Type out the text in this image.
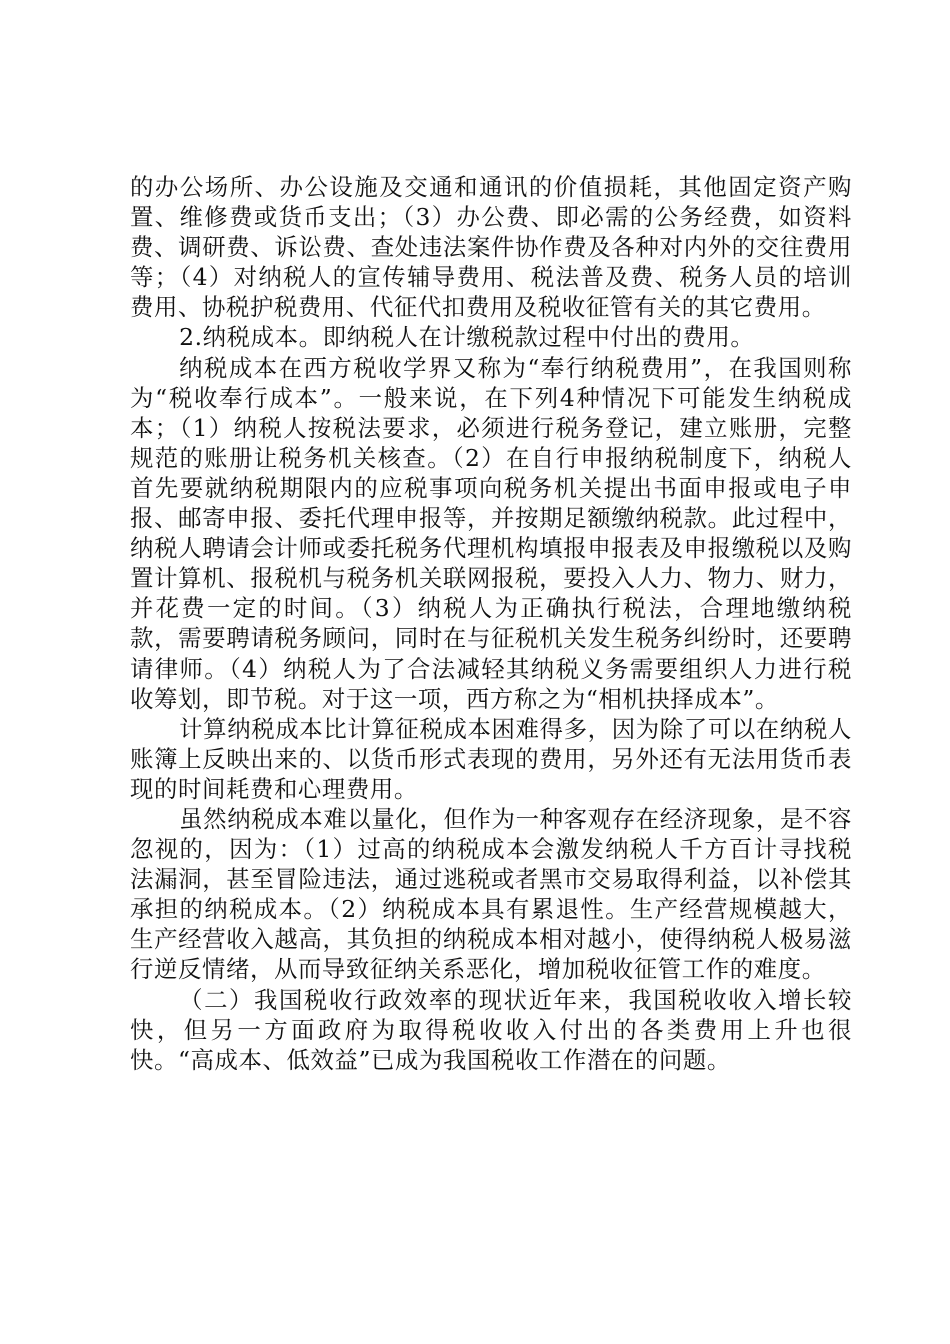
的办公场所、办公设施及交通和通讯的价值损耗，其他固定资产购置、维修费或货币支出；（3）办公费、即必需的公务经费，如资料费、调研费、诉讼费、查处违法案件协作费及各种对内外的交往费用等；（4）对纳税人的宣传辅导费用、税法普及费、税务人员的培训费用、协税护税费用、代征代扣费用及税收征管有关的其它费用。

2.纳税成本。即纳税人在计缴税款过程中付出的费用。

纳税成本在西方税收学界又称为“奉行纳税费用”，在我国则称为“税收奉行成本”。一般来说，在下列4种情况下可能发生纳税成本；（1）纳税人按税法要求，必须进行税务登记，建立账册，完整规范的账册让税务机关核查。（2）在自行申报纳税制度下，纳税人首先要就纳税期限内的应税事项向税务机关提出书面申报或电子申报、邮寄申报、委托代理申报等，并按期足额缴纳税款。此过程中，纳税人聘请会计师或委托税务代理机构填报申报表及申报缴税以及购置计算机、报税机与税务机关联网报税，要投入人力、物力、财力，并花费一定的时间。（3）纳税人为正确执行税法，合理地缴纳税款，需要聘请税务顾问，同时在与征税机关发生税务纠纷时，还要聘请律师。（4）纳税人为了合法减轻其纳税义务需要组织人力进行税收筹划，即节税。对于这一项，西方称之为“相机抉择成本”。

计算纳税成本比计算征税成本困难得多，因为除了可以在纳税人账簿上反映出来的、以货币形式表现的费用，另外还有无法用货币表现的时间耗费和心理费用。

虽然纳税成本难以量化，但作为一种客观存在经济现象，是不容忽视的，因为：（1）过高的纳税成本会激发纳税人千方百计寻找税法漏洞，甚至冒险违法，通过逃税或者黑市交易取得利益，以补偿其承担的纳税成本。（2）纳税成本具有累退性。生产经营规模越大，生产经营收入越高，其负担的纳税成本相对越小，使得纳税人极易滋行逆反情绪，从而导致征纳关系恶化，增加税收征管工作的难度。

（二）我国税收行政效率的现状近年来，我国税收收入增长较快，但另一方面政府为取得税收收入付出的各类费用上升也很快。“高成本、低效益”已成为我国税收工作潜在的问题。
